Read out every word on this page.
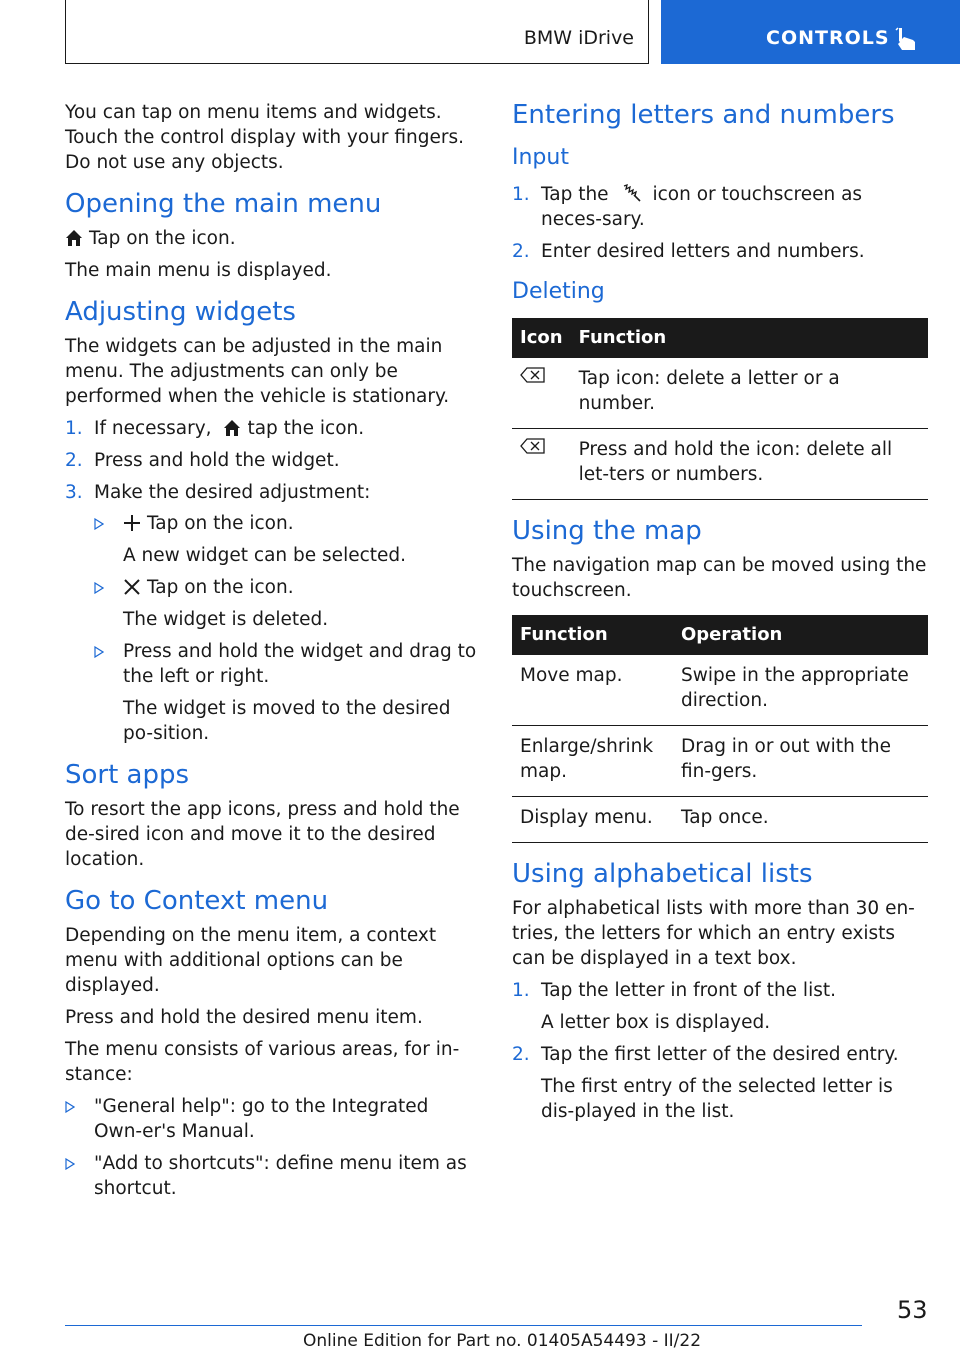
BMW iDrive	CONTROLS

You can tap on menu items and widgets. Touch the control display with your fingers. Do not use any objects.

Opening the main menu

Tap on the icon.

The main menu is displayed.

Adjusting widgets

The widgets can be adjusted in the main menu. The adjustments can only be performed when the vehicle is stationary.

1. If necessary, tap the icon.
2. Press and hold the widget.
3. Make the desired adjustment:
Tap on the icon.
A new widget can be selected.
Tap on the icon.
The widget is deleted.
Press and hold the widget and drag to the left or right.
The widget is moved to the desired po-sition.
Sort apps

To resort the app icons, press and hold the de-sired icon and move it to the desired location.

Go to Context menu

Depending on the menu item, a context menu with additional options can be displayed.

Press and hold the desired menu item.

The menu consists of various areas, for in-stance:

"General help": go to the Integrated Own-er's Manual.
"Add to shortcuts": define menu item as shortcut.
Entering letters and numbers
Input
1. Tap the icon or touchscreen as neces-sary.
2. Enter desired letters and numbers.
Deleting
Icon	Function
	Tap icon: delete a letter or a number.
	Press and hold the icon: delete all let-ters or numbers.
Using the map

The navigation map can be moved using the touchscreen.

Function	Operation
Move map.	Swipe in the appropriate direction.
Enlarge/shrink map.	Drag in or out with the fin-gers.
Display menu.	Tap once.
Using alphabetical lists

For alphabetical lists with more than 30 en-tries, the letters for which an entry exists can be displayed in a text box.

1. Tap the letter in front of the list.
A letter box is displayed.
2. Tap the first letter of the desired entry.
The first entry of the selected letter is dis-played in the list.
53
Online Edition for Part no. 01405A54493 - II/22
